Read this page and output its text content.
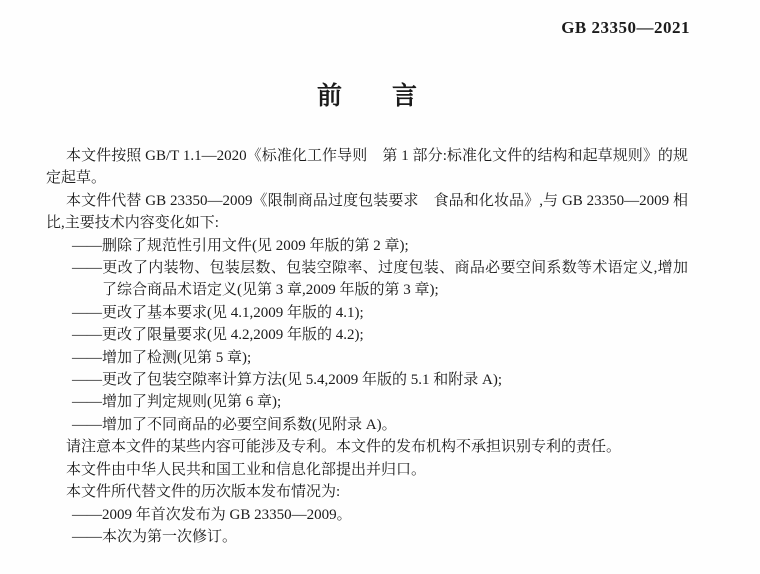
GB 23350—2021
前　　言

本文件按照 GB/T 1.1—2020《标准化工作导则　第 1 部分:标准化文件的结构和起草规则》的规定起草。

本文件代替 GB 23350—2009《限制商品过度包装要求　食品和化妆品》,与 GB 23350—2009 相比,主要技术内容变化如下:

——删除了规范性引用文件(见 2009 年版的第 2 章);

——更改了内装物、包装层数、包装空隙率、过度包装、商品必要空间系数等术语定义,增加了综合商品术语定义(见第 3 章,2009 年版的第 3 章);

——更改了基本要求(见 4.1,2009 年版的 4.1);

——更改了限量要求(见 4.2,2009 年版的 4.2);

——增加了检测(见第 5 章);

——更改了包装空隙率计算方法(见 5.4,2009 年版的 5.1 和附录 A);

——增加了判定规则(见第 6 章);

——增加了不同商品的必要空间系数(见附录 A)。

请注意本文件的某些内容可能涉及专利。本文件的发布机构不承担识别专利的责任。

本文件由中华人民共和国工业和信息化部提出并归口。

本文件所代替文件的历次版本发布情况为:

——2009 年首次发布为 GB 23350—2009。

——本次为第一次修订。
